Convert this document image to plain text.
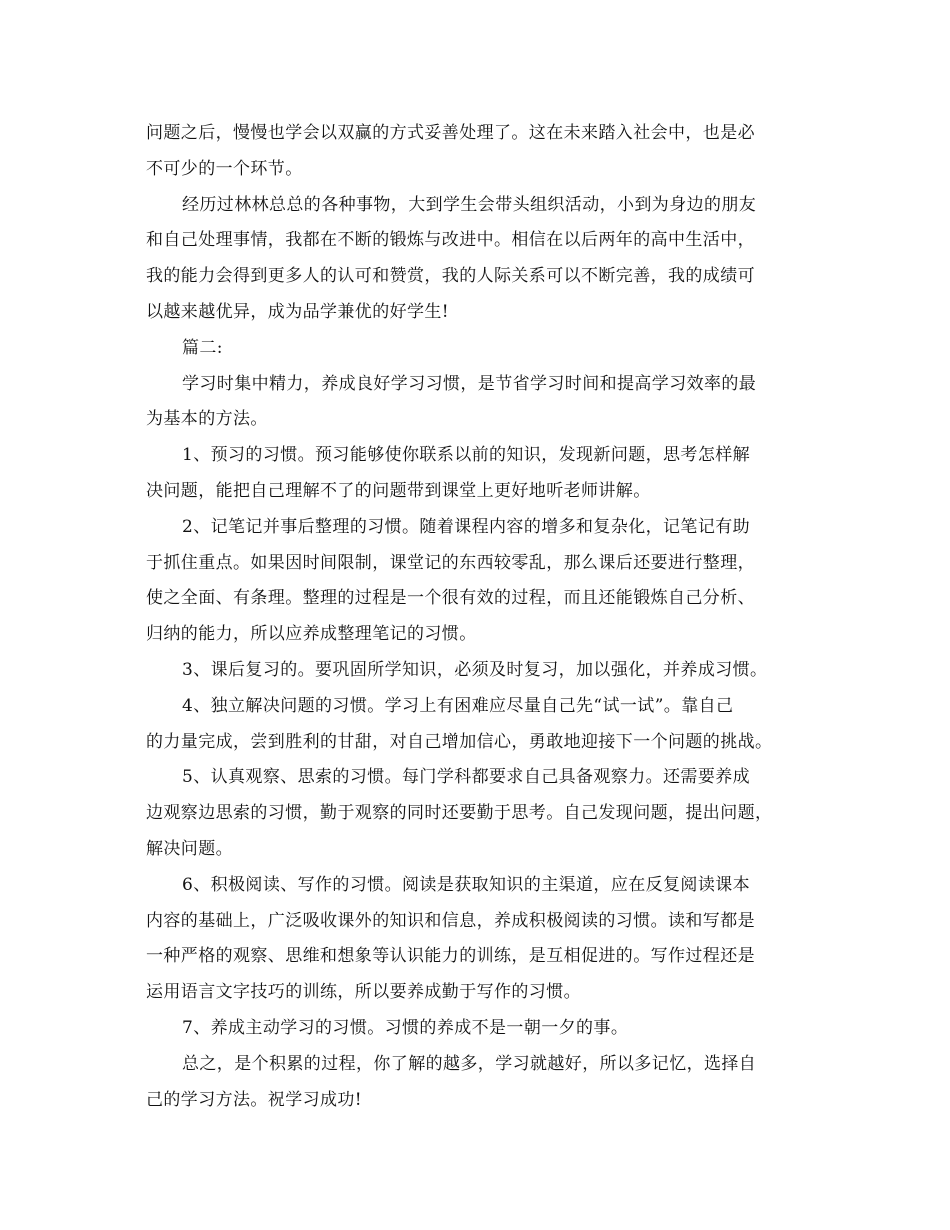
问题之后，慢慢也学会以双赢的方式妥善处理了。这在未来踏入社会中，也是必
不可少的一个环节。
经历过林林总总的各种事物，大到学生会带头组织活动，小到为身边的朋友
和自己处理事情，我都在不断的锻炼与改进中。相信在以后两年的高中生活中，
我的能力会得到更多人的认可和赞赏，我的人际关系可以不断完善，我的成绩可
以越来越优异，成为品学兼优的好学生!
篇二:
学习时集中精力，养成良好学习习惯，是节省学习时间和提高学习效率的最
为基本的方法。
1、预习的习惯。预习能够使你联系以前的知识，发现新问题，思考怎样解
决问题，能把自己理解不了的问题带到课堂上更好地听老师讲解。
2、记笔记并事后整理的习惯。随着课程内容的增多和复杂化，记笔记有助
于抓住重点。如果因时间限制，课堂记的东西较零乱，那么课后还要进行整理，
使之全面、有条理。整理的过程是一个很有效的过程，而且还能锻炼自己分析、
归纳的能力，所以应养成整理笔记的习惯。
3、课后复习的。要巩固所学知识，必须及时复习，加以强化，并养成习惯。
4、独立解决问题的习惯。学习上有困难应尽量自己先“试一试”。靠自己
的力量完成，尝到胜利的甘甜，对自己增加信心，勇敢地迎接下一个问题的挑战。
5、认真观察、思索的习惯。每门学科都要求自己具备观察力。还需要养成
边观察边思索的习惯，勤于观察的同时还要勤于思考。自己发现问题，提出问题，
解决问题。
6、积极阅读、写作的习惯。阅读是获取知识的主渠道，应在反复阅读课本
内容的基础上，广泛吸收课外的知识和信息，养成积极阅读的习惯。读和写都是
一种严格的观察、思维和想象等认识能力的训练，是互相促进的。写作过程还是
运用语言文字技巧的训练，所以要养成勤于写作的习惯。
7、养成主动学习的习惯。习惯的养成不是一朝一夕的事。
总之，是个积累的过程，你了解的越多，学习就越好，所以多记忆，选择自
己的学习方法。祝学习成功!
